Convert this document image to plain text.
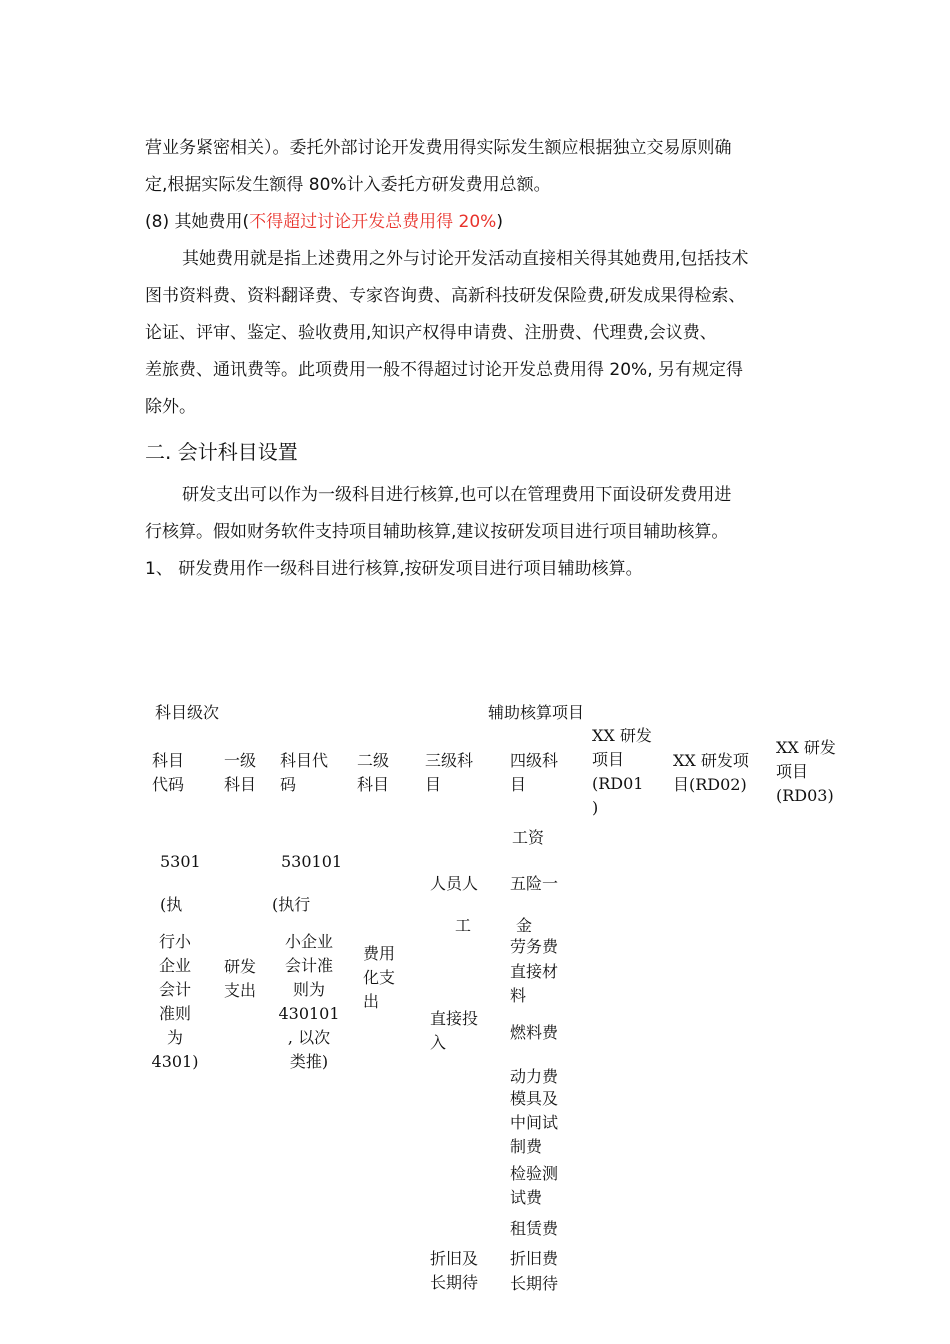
营业务紧密相关）。委托外部讨论开发费用得实际发生额应根据独立交易原则确
定,根据实际发生额得 80%计入委托方研发费用总额。
(8) 其她费用(不得超过讨论开发总费用得 20%)
其她费用就是指上述费用之外与讨论开发活动直接相关得其她费用,包括技术
图书资料费、资料翻译费、专家咨询费、高新科技研发保险费,研发成果得检索、
论证、评审、鉴定、验收费用,知识产权得申请费、注册费、代理费,会议费、
差旅费、通讯费等。此项费用一般不得超过讨论开发总费用得 20%, 另有规定得
除外。
二. 会计科目设置
研发支出可以作为一级科目进行核算,也可以在管理费用下面设研发费用进
行核算。假如财务软件支持项目辅助核算,建议按研发项目进行项目辅助核算。
1、 研发费用作一级科目进行核算,按研发项目进行项目辅助核算。
科目级次	辅助核算项目
科目
代码
一级
科目
科目代
码
二级
科目
三级科
目
四级科
目
XX 研发
项目
(RD01
)
XX 研发项
目(RD02)
XX 研发
项目
(RD03)
5301
(执
行小
企业
会计
准则
为
4301)
研发
支出
530101
(执行
小企业
会计准
则为
430101
, 以次
类推)
费用
化支
出
人员人
工
直接投
入
折旧及
长期待
工资
五险一
金
劳务费
直接材
料
燃料费
动力费
模具及
中间试
制费
检验测
试费
租赁费
折旧费
长期待
